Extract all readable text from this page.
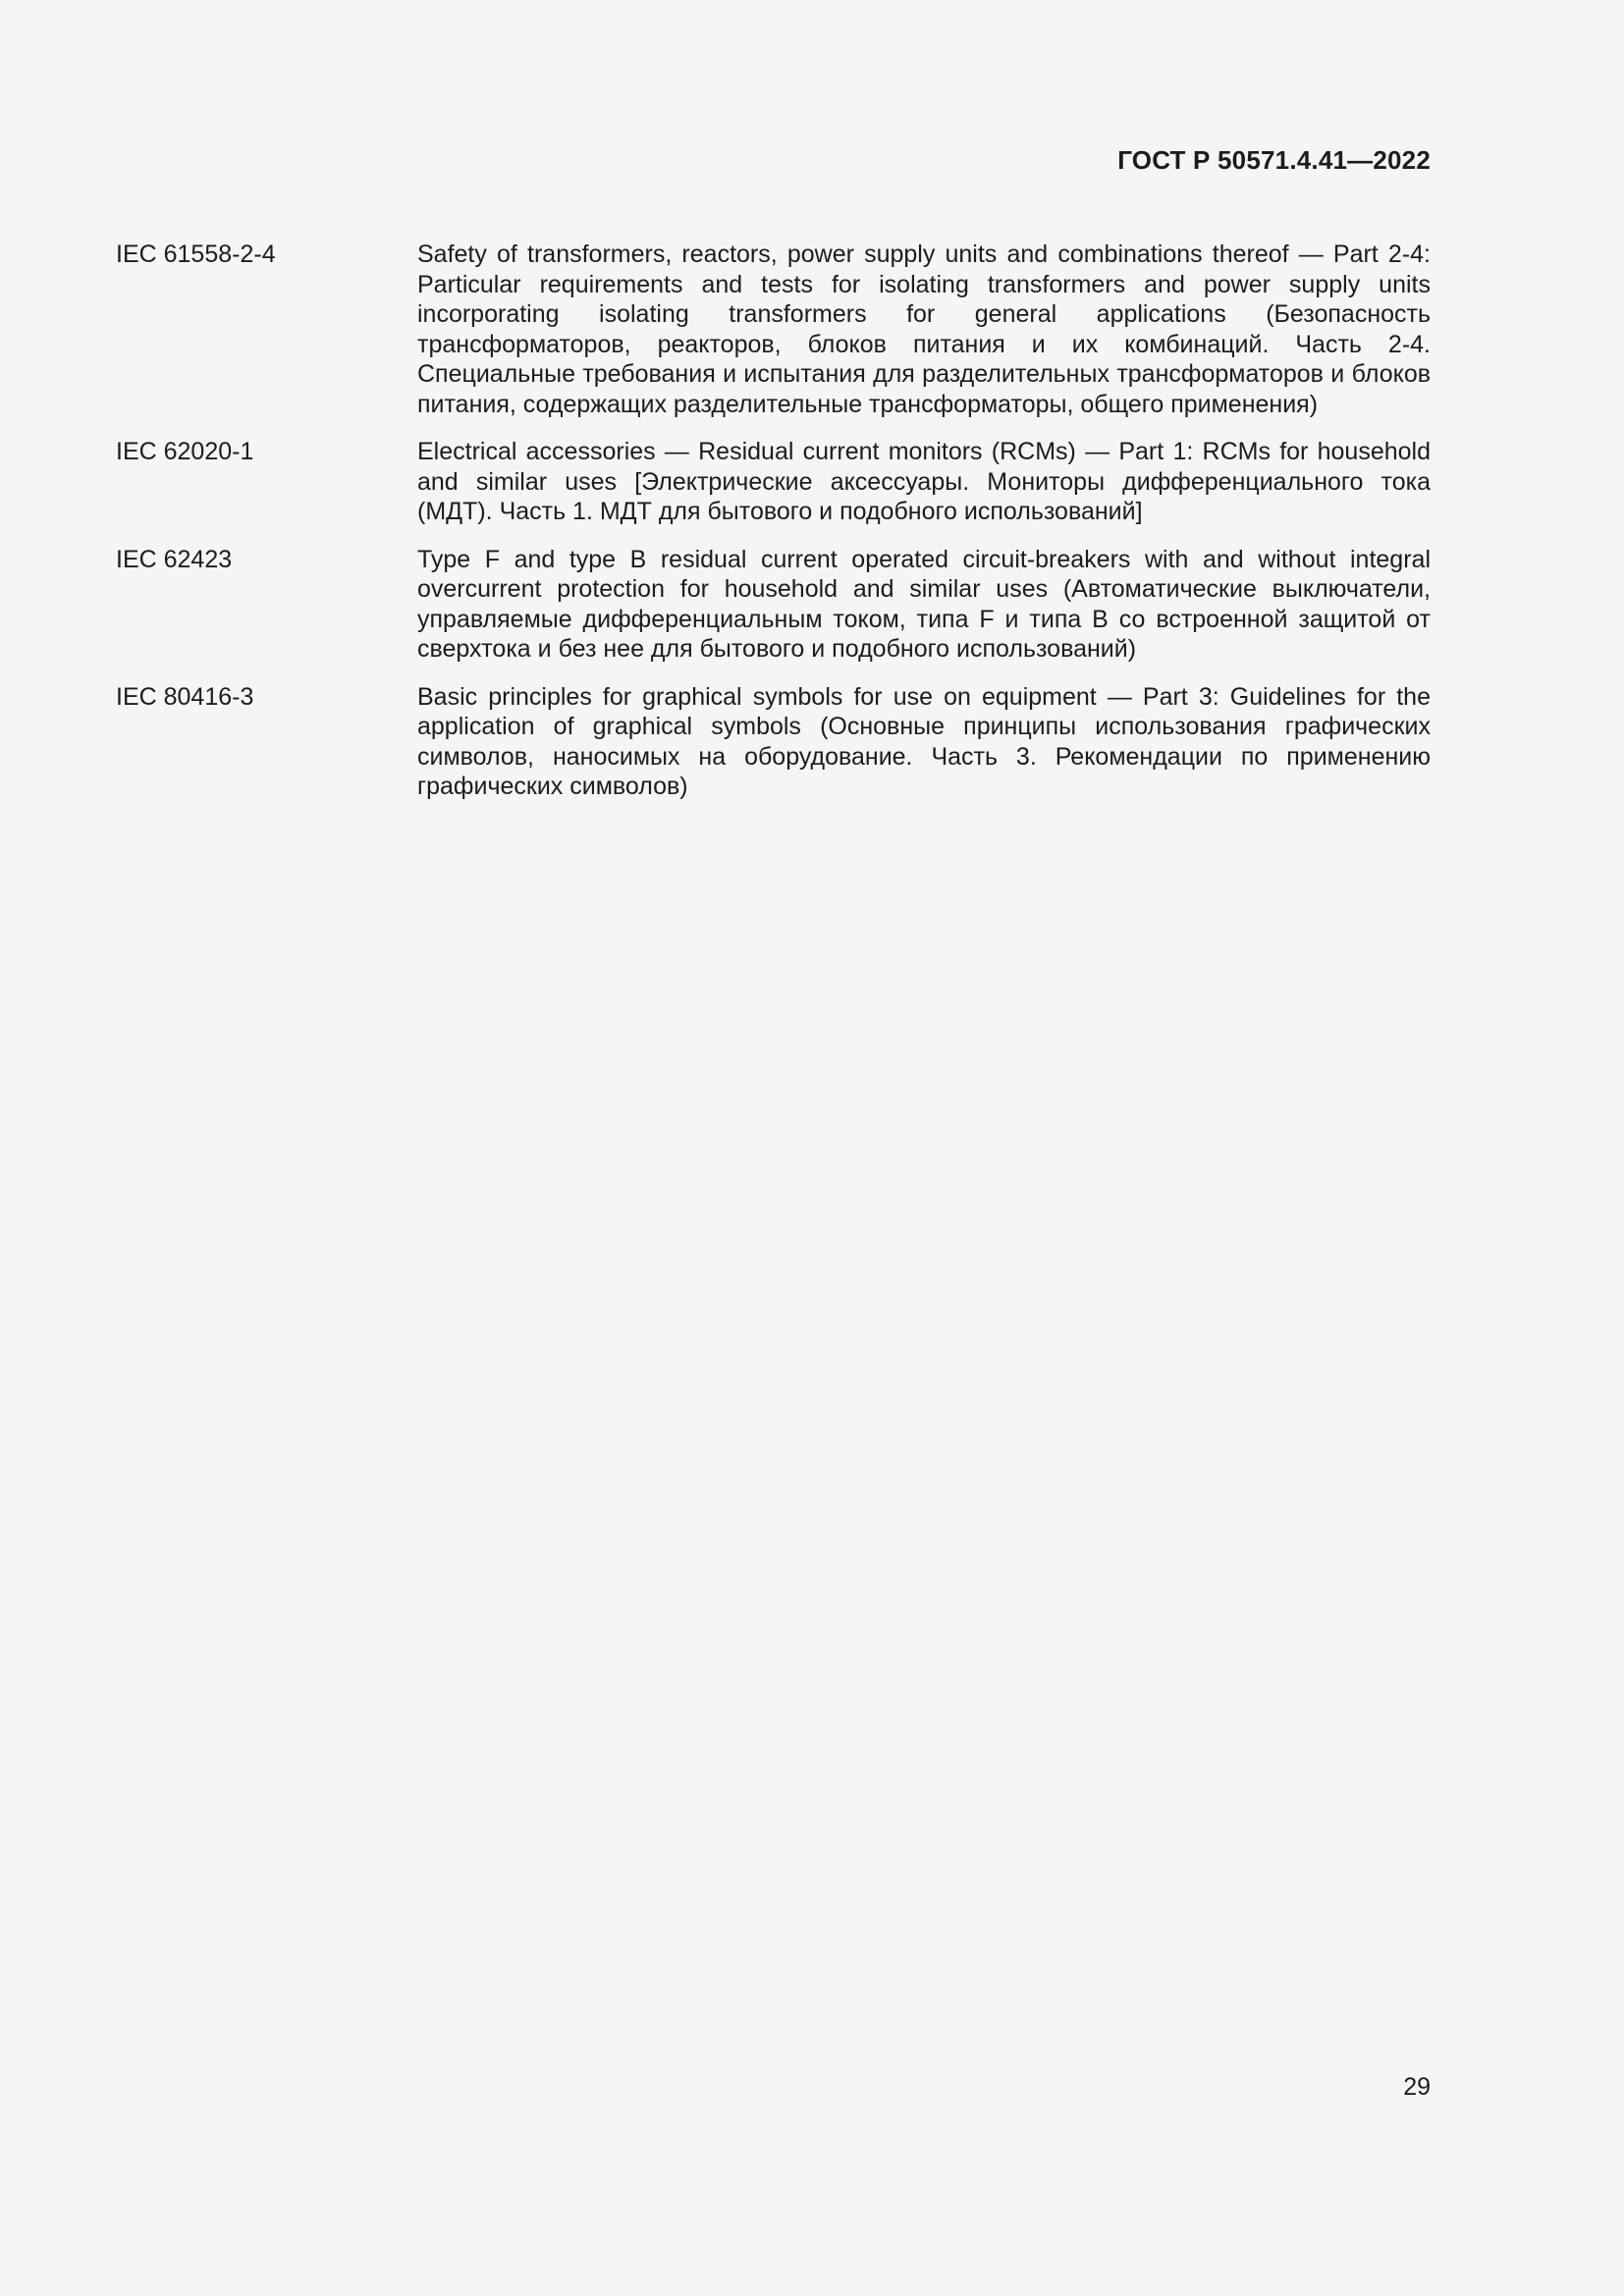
ГОСТ Р 50571.4.41—2022
IEC 61558-2-4	Safety of transformers, reactors, power supply units and combinations thereof — Part 2-4: Particular requirements and tests for isolating transformers and power supply units incorporating isolating transformers for general applications (Безопасность трансформаторов, реакторов, блоков питания и их комбинаций. Часть 2-4. Специальные требования и испытания для разделительных трансформаторов и блоков питания, содержащих разделительные трансформаторы, общего применения)
IEC 62020-1	Electrical accessories — Residual current monitors (RCMs) — Part 1: RCMs for household and similar uses [Электрические аксессуары. Мониторы дифференциального тока (МДТ). Часть 1. МДТ для бытового и подобного использований]
IEC 62423	Type F and type B residual current operated circuit-breakers with and without integral overcurrent protection for household and similar uses (Автоматические выключатели, управляемые дифференциальным током, типа F и типа B со встроенной защитой от сверхтока и без нее для бытового и подобного использований)
IEC 80416-3	Basic principles for graphical symbols for use on equipment — Part 3: Guidelines for the application of graphical symbols (Основные принципы использования графических символов, наносимых на оборудование. Часть 3. Рекомендации по применению графических символов)
29
